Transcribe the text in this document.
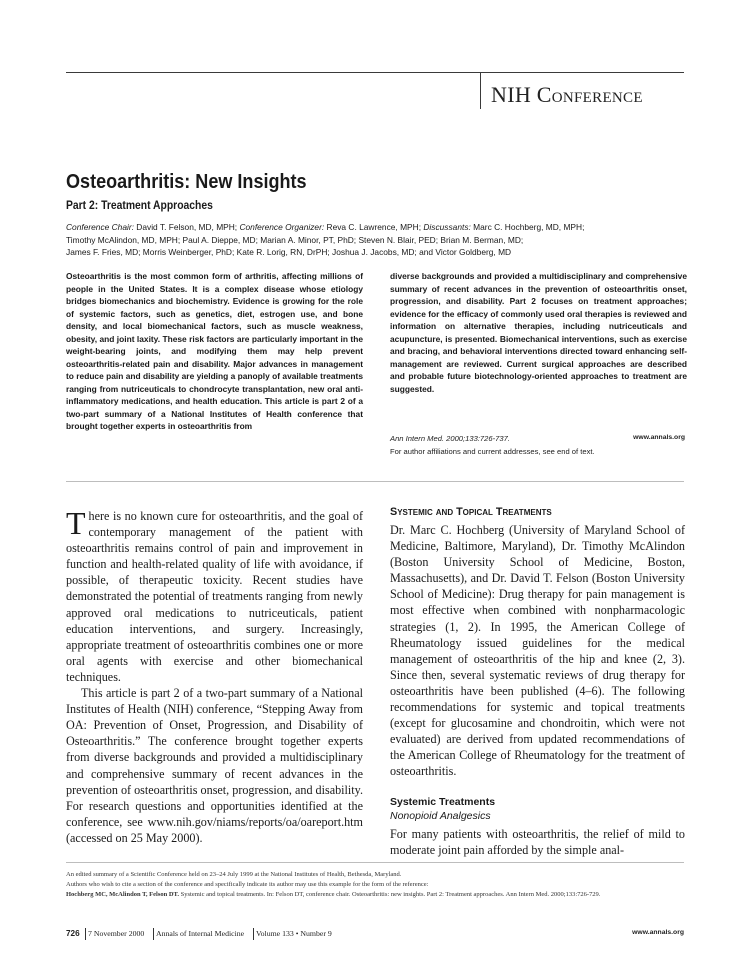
NIH Conference
Osteoarthritis: New Insights
Part 2: Treatment Approaches
Conference Chair: David T. Felson, MD, MPH; Conference Organizer: Reva C. Lawrence, MPH; Discussants: Marc C. Hochberg, MD, MPH;
Timothy McAlindon, MD, MPH; Paul A. Dieppe, MD; Marian A. Minor, PT, PhD; Steven N. Blair, PED; Brian M. Berman, MD;
James F. Fries, MD; Morris Weinberger, PhD; Kate R. Lorig, RN, DrPH; Joshua J. Jacobs, MD; and Victor Goldberg, MD

Osteoarthritis is the most common form of arthritis, affecting millions of people in the United States. It is a complex disease whose etiology bridges biomechanics and biochemistry. Evidence is growing for the role of systemic factors, such as genetics, diet, estrogen use, and bone density, and local biomechanical factors, such as muscle weakness, obesity, and joint laxity. These risk factors are particularly important in the weight-bearing joints, and modifying them may help prevent osteoarthritis-related pain and disability. Major advances in management to reduce pain and disability are yielding a panoply of available treatments ranging from nutriceuticals to chondrocyte transplantation, new oral anti-inflammatory medications, and health education. This article is part 2 of a two-part summary of a National Institutes of Health conference that brought together experts in osteoarthritis from

diverse backgrounds and provided a multidisciplinary and comprehensive summary of recent advances in the prevention of osteoarthritis onset, progression, and disability. Part 2 focuses on treatment approaches; evidence for the efficacy of commonly used oral therapies is reviewed and information on alternative therapies, including nutriceuticals and acupuncture, is presented. Biomechanical interventions, such as exercise and bracing, and behavioral interventions directed toward enhancing self-management are reviewed. Current surgical approaches are described and probable future biotechnology-oriented approaches to treatment are suggested.

Ann Intern Med. 2000;133:726-737.	www.annals.org
For author affiliations and current addresses, see end of text.

There is no known cure for osteoarthritis, and the goal of contemporary management of the patient with osteoarthritis remains control of pain and improvement in function and health-related quality of life with avoidance, if possible, of therapeutic toxicity. Recent studies have demonstrated the potential of treatments ranging from newly approved oral medications to nutriceuticals, patient education interventions, and surgery. Increasingly, appropriate treatment of osteoarthritis combines one or more oral agents with exercise and other biomechanical techniques.

This article is part 2 of a two-part summary of a National Institutes of Health (NIH) conference, “Stepping Away from OA: Prevention of Onset, Progression, and Disability of Osteoarthritis.” The conference brought together experts from diverse backgrounds and provided a multidisciplinary and comprehensive summary of recent advances in the prevention of osteoarthritis onset, progression, and disability. For research questions and opportunities identified at the conference, see www.nih.gov/niams/reports/oa/oareport.htm (accessed on 25 May 2000).

Systemic and Topical Treatments

Dr. Marc C. Hochberg (University of Maryland School of Medicine, Baltimore, Maryland), Dr. Timothy McAlindon (Boston University School of Medicine, Boston, Massachusetts), and Dr. David T. Felson (Boston University School of Medicine): Drug therapy for pain management is most effective when combined with nonpharmacologic strategies (1, 2). In 1995, the American College of Rheumatology issued guidelines for the medical management of osteoarthritis of the hip and knee (2, 3). Since then, several systematic reviews of drug therapy for osteoarthritis have been published (4–6). The following recommendations for systemic and topical treatments (except for glucosamine and chondroitin, which were not evaluated) are derived from updated recommendations of the American College of Rheumatology for the treatment of osteoarthritis.

Systemic Treatments
Nonopioid Analgesics

For many patients with osteoarthritis, the relief of mild to moderate joint pain afforded by the simple anal-

An edited summary of a Scientific Conference held on 23–24 July 1999 at the National Institutes of Health, Bethesda, Maryland.
Authors who wish to cite a section of the conference and specifically indicate its author may use this example for the form of the reference:
Hochberg MC, McAlindon T, Felson DT. Systemic and topical treatments. In: Felson DT, conference chair. Osteoarthritis: new insights. Part 2: Treatment approaches. Ann Intern Med. 2000;133:726-729.
726 7 November 2000 Annals of Internal Medicine Volume 133 • Number 9	www.annals.org
